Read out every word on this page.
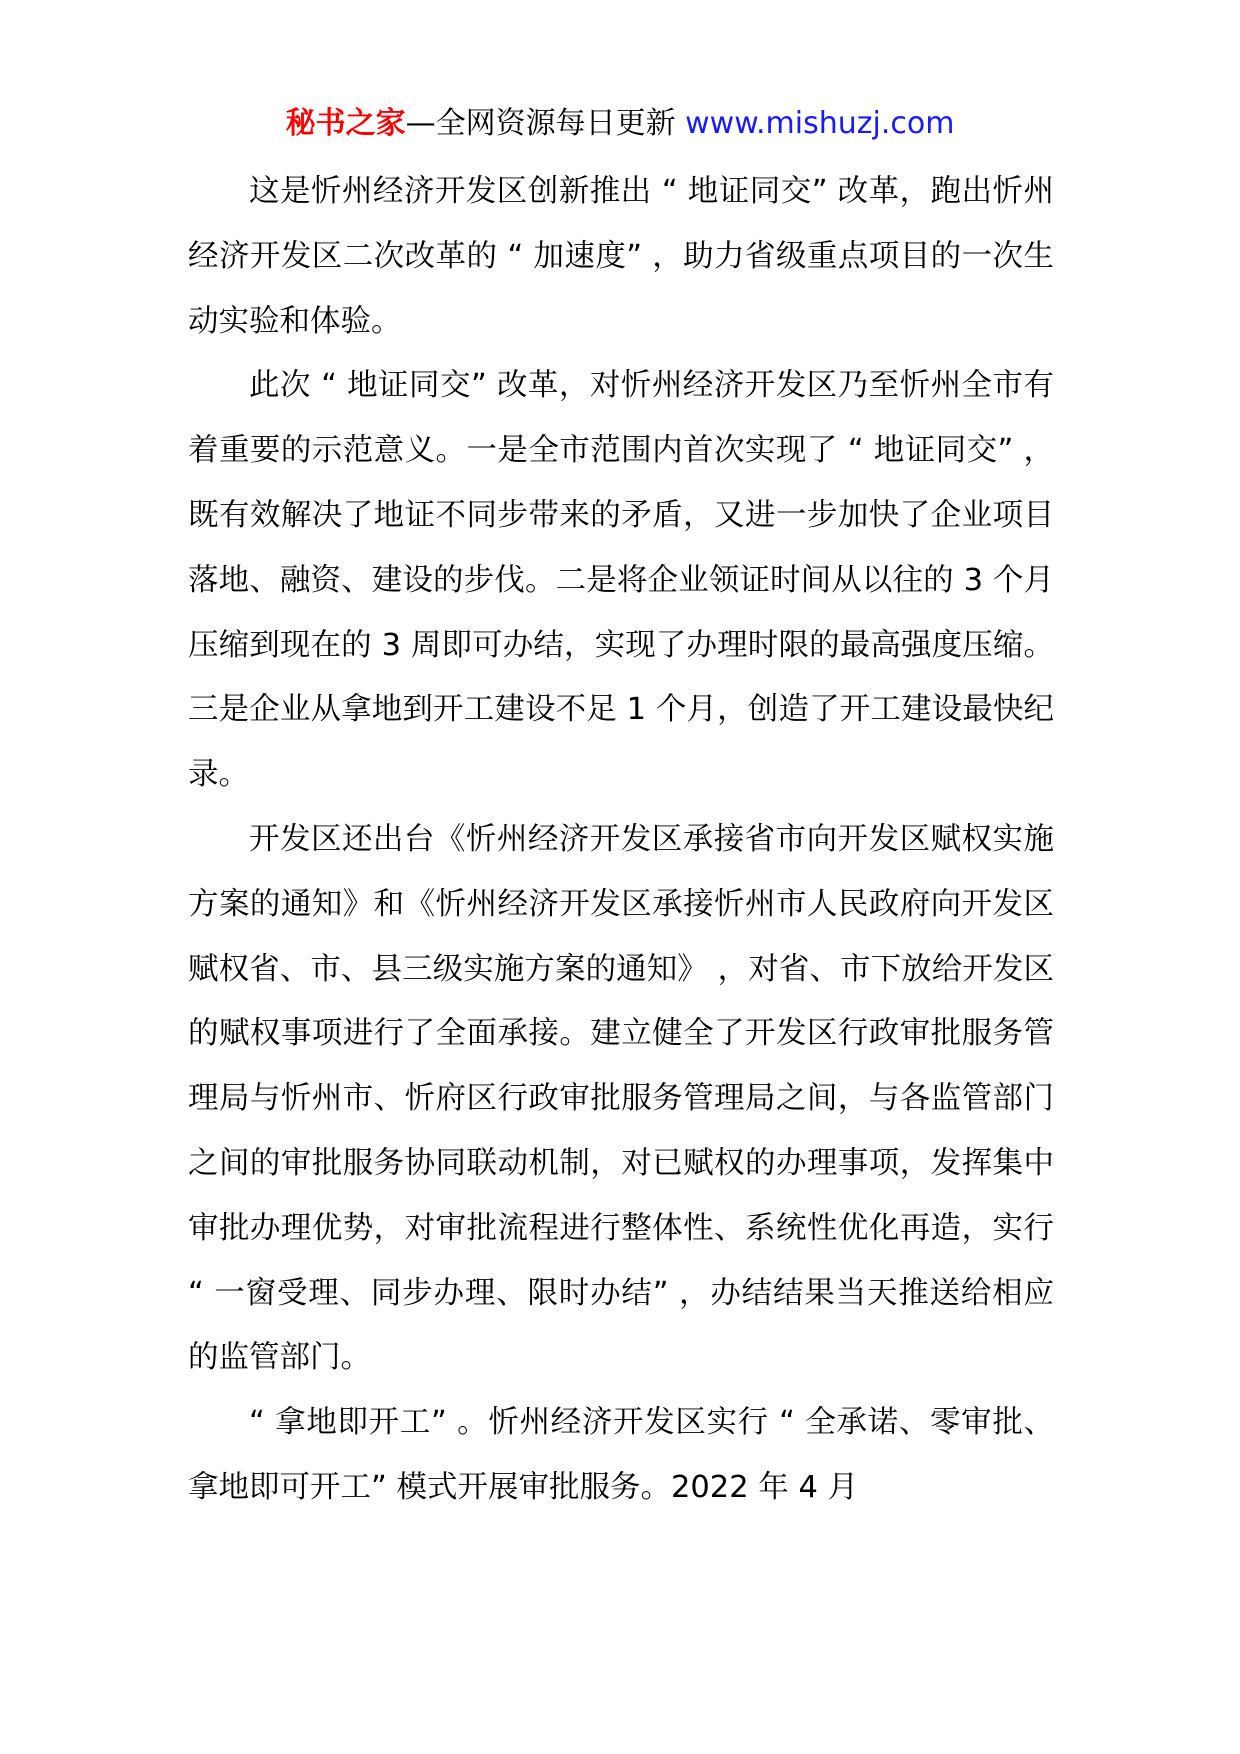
秘书之家—全网资源每日更新 www.mishuzj.com

这是忻州经济开发区创新推出 “ 地证同交” 改革，跑出忻州经济开发区二次改革的 “ 加速度” ，助力省级重点项目的一次生动实验和体验。

此次 “ 地证同交” 改革，对忻州经济开发区乃至忻州全市有着重要的示范意义。一是全市范围内首次实现了 “ 地证同交” ，既有效解决了地证不同步带来的矛盾，又进一步加快了企业项目落地、融资、建设的步伐。二是将企业领证时间从以往的 3 个月压缩到现在的 3 周即可办结，实现了办理时限的最高强度压缩。三是企业从拿地到开工建设不足 1 个月，创造了开工建设最快纪录。

开发区还出台《忻州经济开发区承接省市向开发区赋权实施方案的通知》和《忻州经济开发区承接忻州市人民政府向开发区赋权省、市、县三级实施方案的通知》 ，对省、市下放给开发区的赋权事项进行了全面承接。建立健全了开发区行政审批服务管理局与忻州市、忻府区行政审批服务管理局之间，与各监管部门之间的审批服务协同联动机制，对已赋权的办理事项，发挥集中审批办理优势，对审批流程进行整体性、系统性优化再造，实行 “ 一窗受理、同步办理、限时办结” ，办结结果当天推送给相应的监管部门。

“ 拿地即开工” 。忻州经济开发区实行 “ 全承诺、零审批、拿地即可开工” 模式开展审批服务。2022 年 4 月
